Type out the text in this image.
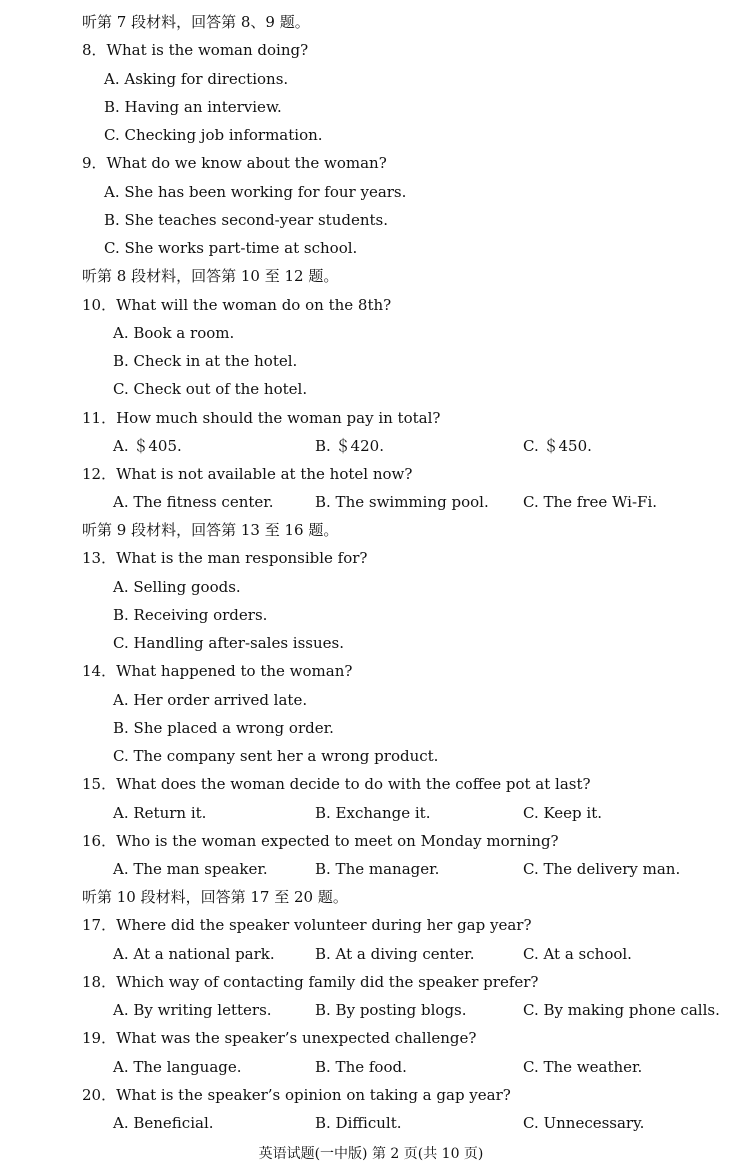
听第 7 段材料，回答第 8、9 题。
8．What is the woman doing?
A. Asking for directions.
B. Having an interview.
C. Checking job information.
9．What do we know about the woman?
A. She has been working for four years.
B. She teaches second-year students.
C. She works part-time at school.
听第 8 段材料，回答第 10 至 12 题。
10．What will the woman do on the 8th?
A. Book a room.
B. Check in at the hotel.
C. Check out of the hotel.
11．How much should the woman pay in total?
A. ＄405.	B. ＄420.	C. ＄450.
12．What is not available at the hotel now?
A. The fitness center.	B. The swimming pool. C. The free Wi-Fi.
听第 9 段材料，回答第 13 至 16 题。
13．What is the man responsible for?
A. Selling goods.
B. Receiving orders.
C. Handling after-sales issues.
14．What happened to the woman?
A. Her order arrived late.
B. She placed a wrong order.
C. The company sent her a wrong product.
15．What does the woman decide to do with the coffee pot at last?
A. Return it.	B. Exchange it.	C. Keep it.
16．Who is the woman expected to meet on Monday morning?
A. The man speaker.	B. The manager.	C. The delivery man.
听第 10 段材料，回答第 17 至 20 题。
17．Where did the speaker volunteer during her gap year?
A. At a national park.	B. At a diving center.	C. At a school.
18．Which way of contacting family did the speaker prefer?
A. By writing letters.	B. By posting blogs.	C. By making phone calls.
19．What was the speaker’s unexpected challenge?
A. The language.	B. The food.	C. The weather.
20．What is the speaker’s opinion on taking a gap year?
A. Beneficial.	B. Difficult.	C. Unnecessary.
英语试题(一中版) 第 2 页(共 10 页)
